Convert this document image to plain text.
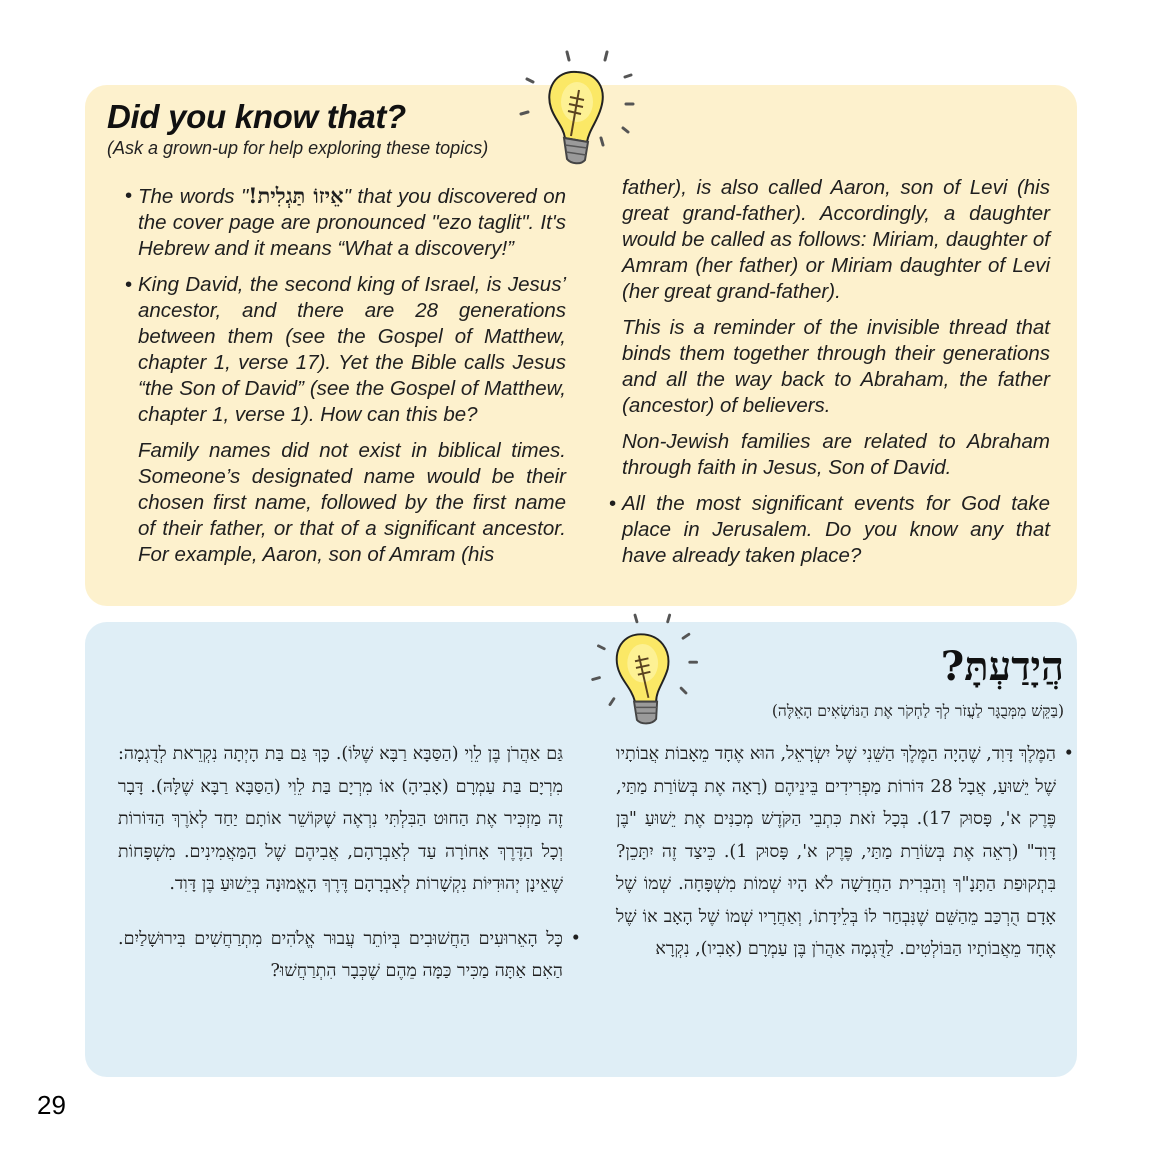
Did you know that?
(Ask a grown-up for help exploring these topics)

• The words "אֵיזוֹ תַּגְלִית!" that you discovered on the cover page are pronounced "ezo taglit". It's Hebrew and it means “What a discovery!”

• King David, the second king of Israel, is Jesus’ ancestor, and there are 28 generations between them (see the Gospel of Matthew, chapter 1, verse 17). Yet the Bible calls Jesus “the Son of David” (see the Gospel of Matthew, chapter 1, verse 1). How can this be?

Family names did not exist in biblical times. Someone’s designated name would be their chosen first name, followed by the first name of their father, or that of a significant ancestor. For example, Aaron, son of Amram (his

father), is also called Aaron, son of Levi (his great grand-father). Accordingly, a daughter would be called as follows: Miriam, daughter of Amram (her father) or Miriam daughter of Levi (her great grand-father).

This is a reminder of the invisible thread that binds them together through their generations and all the way back to Abraham, the father (ancestor) of believers.

Non-Jewish families are related to Abraham through faith in Jesus, Son of David.

• All the most significant events for God take place in Jerusalem. Do you know any that have already taken place?

הֲיָדַעְתָּ?
(בַּקֵּשׁ מִמְּבֻגָּר לַעֲזֹר לְךָ לַחְקֹר אֶת הַנּוֹשְׂאִים הָאֵלֶּה)

• הַמֶּלֶךְ דָּוִד, שֶׁהָיָה הַמֶּלֶךְ הַשֵּׁנִי שֶׁל יִשְׂרָאֵל, הוּא אֶחָד מֵאָבוֹת אֲבוֹתָיו שֶׁל יֵשׁוּעַ, אֲבָל 28 דּוֹרוֹת מַפְרִידִים בֵּינֵיהֶם (רָאָה אֶת בְּשׂוֹרַת מַתַּי, פֶּרֶק א', פָּסוּק 17). בְּכָל זֹאת כִּתְבֵי הַקֹּדֶשׁ מְכַנִּים אֶת יֵשׁוּעַ "בֶּן דָּוִד" (רְאֵה אֶת בְּשׂוֹרַת מַתַּי, פֶּרֶק א', פָּסוּק 1). כֵּיצַד זֶה יִתָּכֵן? בִּתְקוּפַת הַתָּנָ"ךְ וְהַבְּרִית הַחֲדָשָׁה לֹא הָיוּ שְׁמוֹת מִשְׁפָּחָה. שְׁמוֹ שֶׁל אָדָם הֻרְכַּב מֵהַשֵּׁם שֶׁנִּבְחַר לוֹ בְּלֵידָתוֹ, וְאַחֲרָיו שְׁמוֹ שֶׁל הָאָב אוֹ שֶׁל אֶחָד מֵאֲבוֹתָיו הַבּוֹלְטִים. לַדֻּגְמָה אַהֲרֹן בֶּן עַמְרָם (אָבִיו), נִקְרָא

גַּם אַהֲרֹן בֶּן לֵוִי (הַסַּבָּא רַבָּא שֶׁלּוֹ). כָּךְ גַּם בַּת הָיְתָה נִקְרֵאת לְדֻגְמָה: מִרְיָם בַּת עַמְרָם (אָבִיהָ) אוֹ מִרְיָם בַּת לֵוִי (הַסַּבָּא רַבָּא שֶׁלָּהּ). דָּבָר זֶה מַזְכִּיר אֶת הַחוּט הַבִּלְתִּי נִרְאֶה שֶׁקּוֹשֵׁר אוֹתָם יַחַד לְאֹרֶךְ הַדּוֹרוֹת וְכָל הַדֶּרֶךְ אָחוֹרָה עַד לְאַבְרָהָם, אֲבִיהֶם שֶׁל הַמַּאֲמִינִים. מִשְׁפָּחוֹת שֶׁאֵינָן יְהוּדִיּוֹת נִקְשָׁרוֹת לְאַבְרָהָם דֶּרֶךְ הָאֱמוּנָה בְּיֵשׁוּעַ בֶּן דָּוִד.

• כָּל הָאֵרוּעִים הַחֲשׁוּבִים בְּיוֹתֵר עֲבוּר אֱלֹהִים מִתְרַחֲשִׁים בִּירוּשָׁלַיִם. הַאִם אַתָּה מַכִּיר כַּמָּה מֵהֶם שֶׁכְּבָר הִתְרַחֲשׁוּ?

29
